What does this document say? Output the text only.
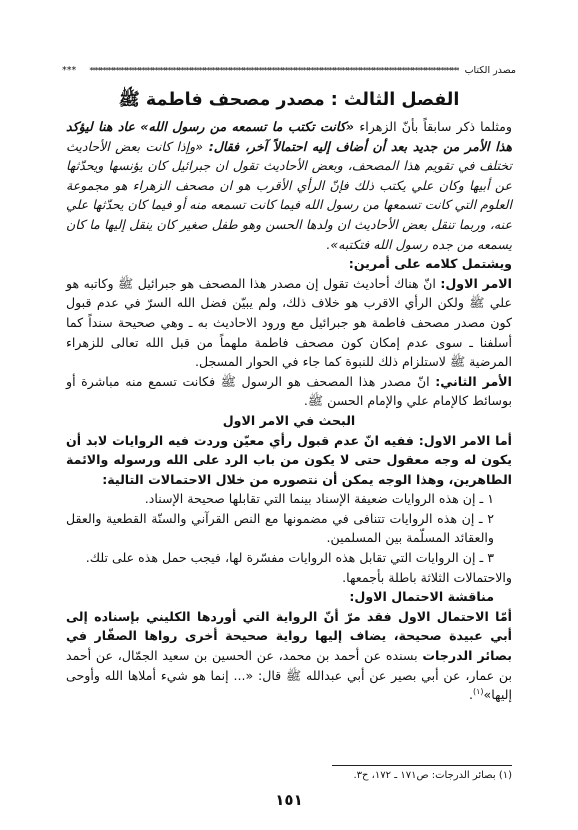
مصدر الكتاب
**********************************************************************************************************************************************
***
الفصل الثالث : مصدر مصحف فاطمة ﷺ

ومثلما ذكر سابقاً بأنّ الزهراء «كانت تكتب ما تسمعه من رسول الله» عاد هنا ليؤكد هذا الأمر من جديد بعد أن أضاف إليه احتمالاً آخر، فقال: «وإذا كانت بعض الأحاديث تختلف في تقويم هذا المصحف، وبعض الأحاديث تقول ان جبرائيل كان يؤنسها ويحدّثها عن أبيها وكان علي يكتب ذلك فإنّ الرأي الأقرب هو ان مصحف الزهراء هو مجموعة العلوم التي كانت تسمعها من رسول الله فيما كانت تسمعه منه أو فيما كان يحدّثها علي عنه، وربما تنقل بعض الأحاديث ان ولدها الحسن وهو طفل صغير كان ينقل إليها ما كان يسمعه من جده رسول الله فتكتبه».

ويشتمل كلامه على أمرين:

الامر الاول: انّ هناك أحاديث تقول إن مصدر هذا المصحف هو جبرائيل ﷺ وكاتبه هو علي ﷺ ولكن الرأي الاقرب هو خلاف ذلك، ولم يبيّن فضل الله السرّ في عدم قبول كون مصدر مصحف فاطمة هو جبرائيل مع ورود الاحاديث به ـ وهي صحيحة سنداً كما أسلفنا ـ سوى عدم إمكان كون مصحف فاطمة ملهماً من قبل الله تعالى للزهراء المرضية ﷺ لاستلزام ذلك للنبوة كما جاء في الحوار المسجل.

الأمر الثاني: انّ مصدر هذا المصحف هو الرسول ﷺ فكانت تسمع منه مباشرة أو بوسائط كالإمام علي والإمام الحسن ﷺ.

البحث في الامر الاول

أما الامر الاول: ففيه انّ عدم قبول رأي معيّن وردت فيه الروايات لابد أن يكون له وجه معقول حتى لا يكون من باب الرد على الله ورسوله والائمة الطاهرين، وهذا الوجه يمكن أن نتصوره من خلال الاحتمالات التالية:

١ ـ إن هذه الروايات ضعيفة الإسناد بينما التي تقابلها صحيحة الإسناد.

٢ ـ إن هذه الروايات تتنافى في مضمونها مع النص القرآني والسنّة القطعية والعقل والعقائد المسلّمة بين المسلمين.

٣ ـ إن الروايات التي تقابل هذه الروايات مفسّرة لها، فيجب حمل هذه على تلك.

والاحتمالات الثلاثة باطلة بأجمعها.

مناقشة الاحتمال الاول:

أمّا الاحتمال الاول فقد مرّ أنّ الرواية التي أوردها الكليني بإسناده إلى أبي عبيدة صحيحة، يضاف إليها رواية صحيحة أخرى رواها الصفّار في بصائر الدرجات بسنده عن أحمد بن محمد، عن الحسين بن سعيد الجمّال، عن أحمد بن عمار، عن أبي بصير عن أبي عبدالله ﷺ قال: «... إنما هو شيء أملاها الله وأوحى إليها»$^{(١)}$.

(١) بصائر الدرجات: ص١٧١ ـ ١٧٢، ح٣.
١٥١
